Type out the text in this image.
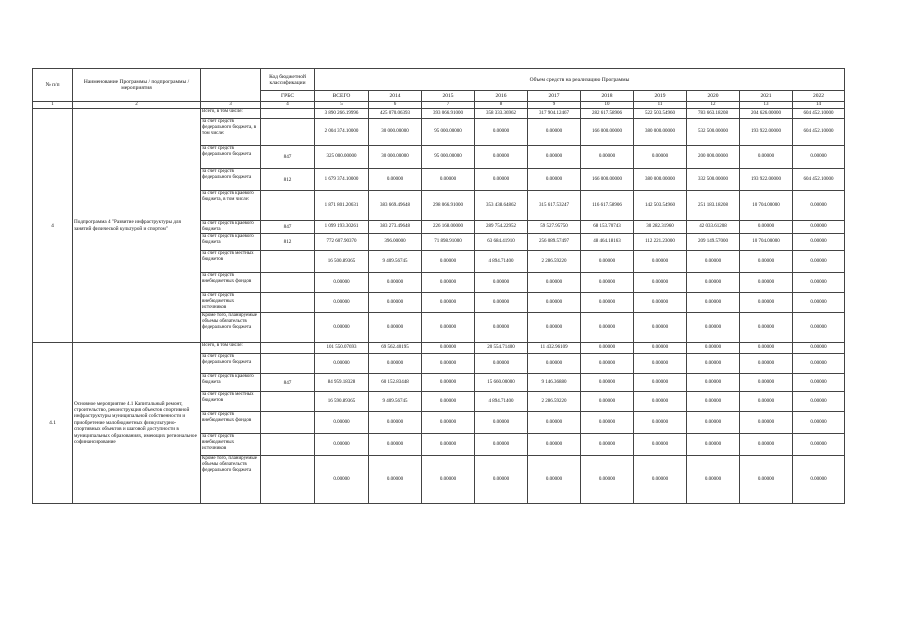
№ п/п	Наименование Программы / подпрограммы / мероприятия		Код бюджетной классификации	Объем средств на реализацию Программы									
			ГРБС	ВСЕГО	2014	2015	2016	2017	2018	2019	2020	2021	2022
1	2	3	4	5	6	7	8	9	10	11	12	13	14
4	Подпрограмма 4 "Развитие инфраструктуры для занятий физической культурой и спортом"	Всего, в том числе:		3 890 266.19996	425 070.06393	393 066.91000	358 333.36962	317 904.12467	282 617.58906	522 503.54960	783 663.18208	204 626.00000	604 452.10000
		за счет средств федерального бюджета, в том числе:		2 004 374.10000	30 000.00000	95 000.00000	0.00000	0.00000	166 000.00000	380 000.00000	532 500.00000	193 922.00000	604 452.10000
		за счет средств федерального бюджета	847	325 000.00000	30 000.00000	95 000.00000	0.00000	0.00000	0.00000	0.00000	200 000.00000	0.00000	0.00000
		за счет средств федерального бюджета	812	1 679 374.10000	0.00000	0.00000	0.00000	0.00000	166 000.00000	380 000.00000	332 500.00000	193 922.00000	604 452.10000
		за счет средств краевого бюджета, в том числе:		1 871 801.20631	383 669.49648	298 066.91000	353 438.64862	315 617.53247	116 617.58906	142 503.54960	251 183.18208	10 704.00000	0.00000
		за счет средств краевого бюджета	847	1 099 193.30261	383 273.49648	226 168.00000	289 754.22952	59 527.95750	68 153.70743	30 282.31960	42 033.61208	0.00000	0.00000
		за счет средств краевого бюджета	812	772 607.90370	396.00000	71 898.91000	63 684.41910	256 089.57497	48 464.18163	112 221.23000	209 149.57000	10 704.00000	0.00000
		за счет средств местных бюджетов		16 500.89365	9 409.56745	0.00000	4 894.71400	2 286.59220	0.00000	0.00000	0.00000	0.00000	0.00000
		за счет средств внебюджетных фондов		0.00000	0.00000	0.00000	0.00000	0.00000	0.00000	0.00000	0.00000	0.00000	0.00000
		за счет средств внебюджетных источников		0.00000	0.00000	0.00000	0.00000	0.00000	0.00000	0.00000	0.00000	0.00000	0.00000
		Кроме того, планируемые объемы обязательств федерального бюджета		0.00000	0.00000	0.00000	0.00000	0.00000	0.00000	0.00000	0.00000	0.00000	0.00000
4.1	Основное мероприятие 4.1 Капитальный ремонт, строительство, реконструкция объектов спортивной инфраструктуры муниципальной собственности и приобретение малобюджетных физкультурно-спортивных объектов и шаговой доступности в муниципальных образованиях, имеющих региональное софинансирование	Всего, в том числе:		101 550.07693	69 562.40195	0.00000	20 554.71400	11 432.96109	0.00000	0.00000	0.00000	0.00000	0.00000
		за счет средств федерального бюджета		0.00000	0.00000	0.00000	0.00000	0.00000	0.00000	0.00000	0.00000	0.00000	0.00000
		за счет средств краевого бюджета	847	84 959.18328	60 152.83448	0.00000	15 660.00000	9 146.36880	0.00000	0.00000	0.00000	0.00000	0.00000
		за счет средств местных бюджетов		16 590.89365	9 409.56745	0.00000	4 894.71400	2 286.59220	0.00000	0.00000	0.00000	0.00000	0.00000
		за счет средств внебюджетных фондов		0.00000	0.00000	0.00000	0.00000	0.00000	0.00000	0.00000	0.00000	0.00000	0.00000
		за счет средств внебюджетных источников		0.00000	0.00000	0.00000	0.00000	0.00000	0.00000	0.00000	0.00000	0.00000	0.00000
		Кроме того, планируемые объемы обязательств федерального бюджета		0.00000	0.00000	0.00000	0.00000	0.00000	0.00000	0.00000	0.00000	0.00000	0.00000
